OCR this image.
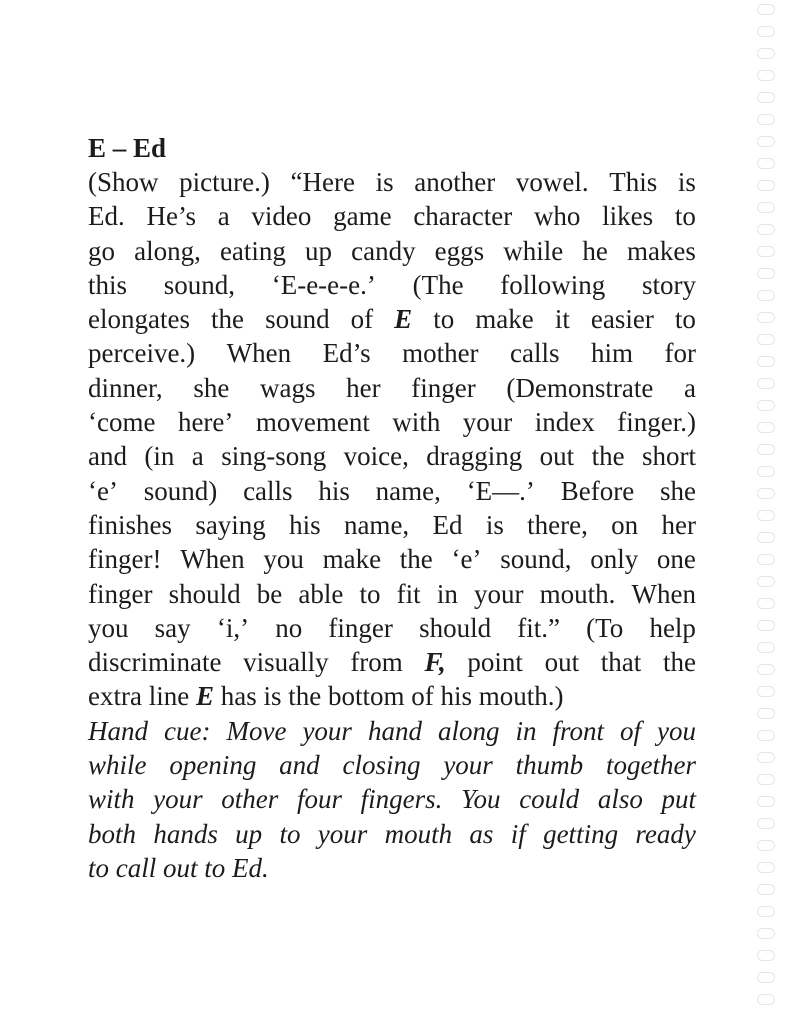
E – Ed
(Show picture.) “Here is another vowel. This is
Ed. He’s a video game character who likes to
go along, eating up candy eggs while he makes
this sound, ‘E-e-e-e.’ (The following story
elongates the sound of E to make it easier to
perceive.) When Ed’s mother calls him for
dinner, she wags her finger (Demonstrate a
‘come here’ movement with your index finger.)
and (in a sing-song voice, dragging out the short
‘e’ sound) calls his name, ‘E—.’ Before she
finishes saying his name, Ed is there, on her
finger! When you make the ‘e’ sound, only one
finger should be able to fit in your mouth. When
you say ‘i,’ no finger should fit.” (To help
discriminate visually from F, point out that the
extra line E has is the bottom of his mouth.)
Hand cue: Move your hand along in front of you
while opening and closing your thumb together
with your other four fingers. You could also put
both hands up to your mouth as if getting ready
to call out to Ed.
